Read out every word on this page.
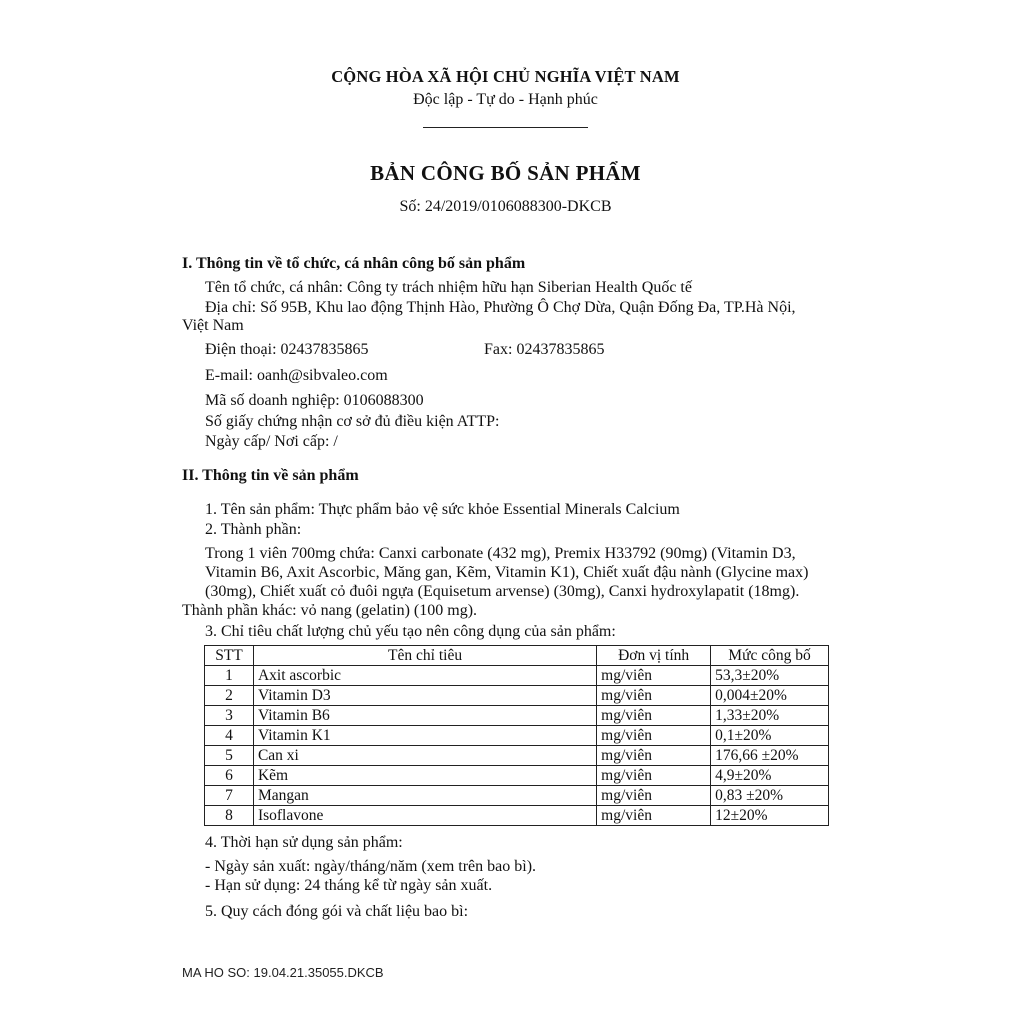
CỘNG HÒA XÃ HỘI CHỦ NGHĨA VIỆT NAM
Độc lập - Tự do - Hạnh phúc
BẢN CÔNG BỐ SẢN PHẨM
Số: 24/2019/0106088300-DKCB
I. Thông tin về tổ chức, cá nhân công bố sản phẩm
Tên tổ chức, cá nhân: Công ty trách nhiệm hữu hạn Siberian Health Quốc tế
Địa chỉ: Số 95B, Khu lao động Thịnh Hào, Phường Ô Chợ Dừa, Quận Đống Đa, TP.Hà Nội,
Việt Nam
Điện thoại: 02437835865	Fax: 02437835865
E-mail: oanh@sibvaleo.com
Mã số doanh nghiệp: 0106088300
Số giấy chứng nhận cơ sở đủ điều kiện ATTP:
Ngày cấp/ Nơi cấp: /
II. Thông tin về sản phẩm
1. Tên sản phẩm: Thực phẩm bảo vệ sức khỏe Essential Minerals Calcium
2. Thành phần:
Trong 1 viên 700mg chứa: Canxi carbonate (432 mg), Premix H33792 (90mg) (Vitamin D3, Vitamin B6, Axit Ascorbic, Măng gan, Kẽm, Vitamin K1), Chiết xuất đậu nành (Glycine max) (30mg), Chiết xuất cỏ đuôi ngựa (Equisetum arvense) (30mg), Canxi hydroxylapatit (18mg).
Thành phần khác: vỏ nang (gelatin) (100 mg).
3. Chỉ tiêu chất lượng chủ yếu tạo nên công dụng của sản phẩm:
STT	Tên chỉ tiêu	Đơn vị tính	Mức công bố
1	Axit ascorbic	mg/viên	53,3±20%
2	Vitamin D3	mg/viên	0,004±20%
3	Vitamin B6	mg/viên	1,33±20%
4	Vitamin K1	mg/viên	0,1±20%
5	Can xi	mg/viên	176,66 ±20%
6	Kẽm	mg/viên	4,9±20%
7	Mangan	mg/viên	0,83 ±20%
8	Isoflavone	mg/viên	12±20%
4. Thời hạn sử dụng sản phẩm:
- Ngày sản xuất: ngày/tháng/năm (xem trên bao bì).
- Hạn sử dụng: 24 tháng kể từ ngày sản xuất.
5. Quy cách đóng gói và chất liệu bao bì:
MA HO SO: 19.04.21.35055.DKCB
